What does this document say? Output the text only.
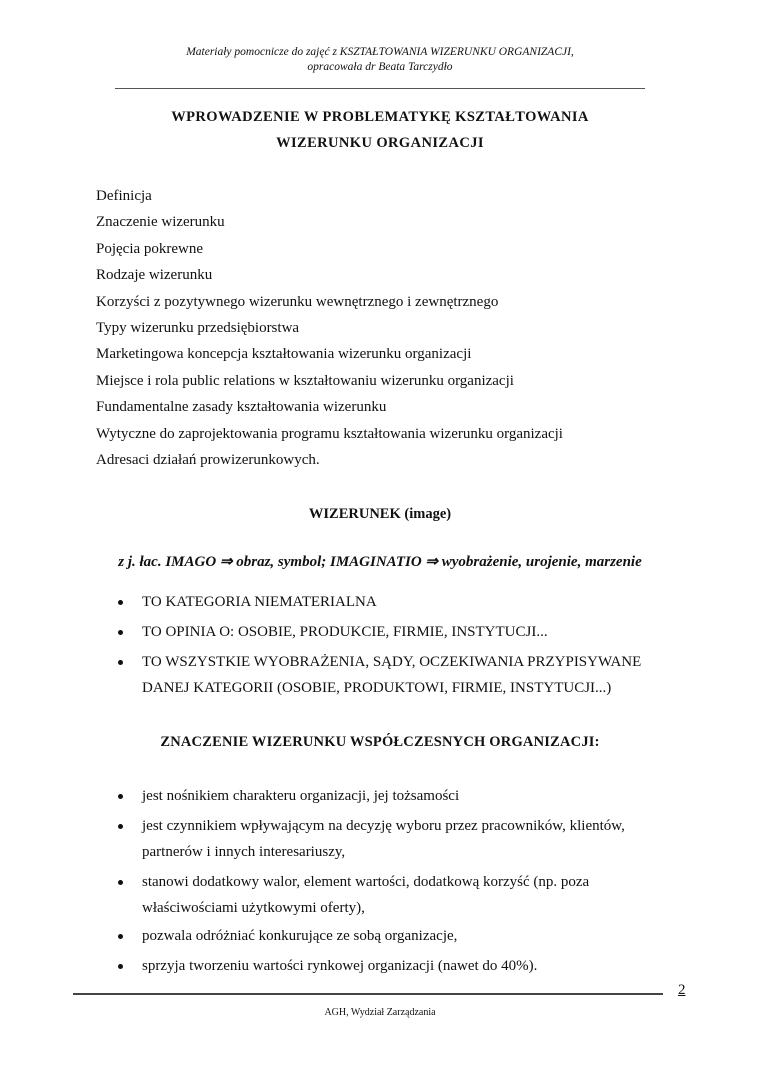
Materiały pomocnicze do zajęć z KSZTAŁTOWANIA WIZERUNKU ORGANIZACJI,
opracowała dr Beata Tarczydło
WPROWADZENIE W PROBLEMATYKĘ KSZTAŁTOWANIA
WIZERUNKU ORGANIZACJI
Definicja
Znaczenie wizerunku
Pojęcia pokrewne
Rodzaje wizerunku
Korzyści z pozytywnego wizerunku wewnętrznego i zewnętrznego
Typy wizerunku przedsiębiorstwa
Marketingowa koncepcja kształtowania wizerunku organizacji
Miejsce i rola public relations w kształtowaniu wizerunku organizacji
Fundamentalne zasady kształtowania wizerunku
Wytyczne do zaprojektowania programu kształtowania wizerunku organizacji
Adresaci działań prowizerunkowych.
WIZERUNEK (image)
z j. łac. IMAGO ⇒ obraz, symbol; IMAGINATIO ⇒ wyobrażenie, urojenie, marzenie
TO KATEGORIA NIEMATERIALNA
TO OPINIA O: OSOBIE, PRODUKCIE, FIRMIE, INSTYTUCJI...
TO WSZYSTKIE WYOBRAŻENIA, SĄDY, OCZEKIWANIA PRZYPISYWANE
DANEJ KATEGORII (OSOBIE, PRODUKTOWI, FIRMIE, INSTYTUCJI...)
ZNACZENIE WIZERUNKU WSPÓŁCZESNYCH ORGANIZACJI:
jest nośnikiem charakteru organizacji, jej tożsamości
jest czynnikiem wpływającym na decyzję wyboru przez pracowników, klientów,
partnerów i innych interesariuszy,
stanowi dodatkowy walor, element wartości, dodatkową korzyść (np. poza
właściwościami użytkowymi oferty),
pozwala odróżniać konkurujące ze sobą organizacje,
sprzyja tworzeniu wartości rynkowej organizacji (nawet do 40%).
2
AGH, Wydział Zarządzania
